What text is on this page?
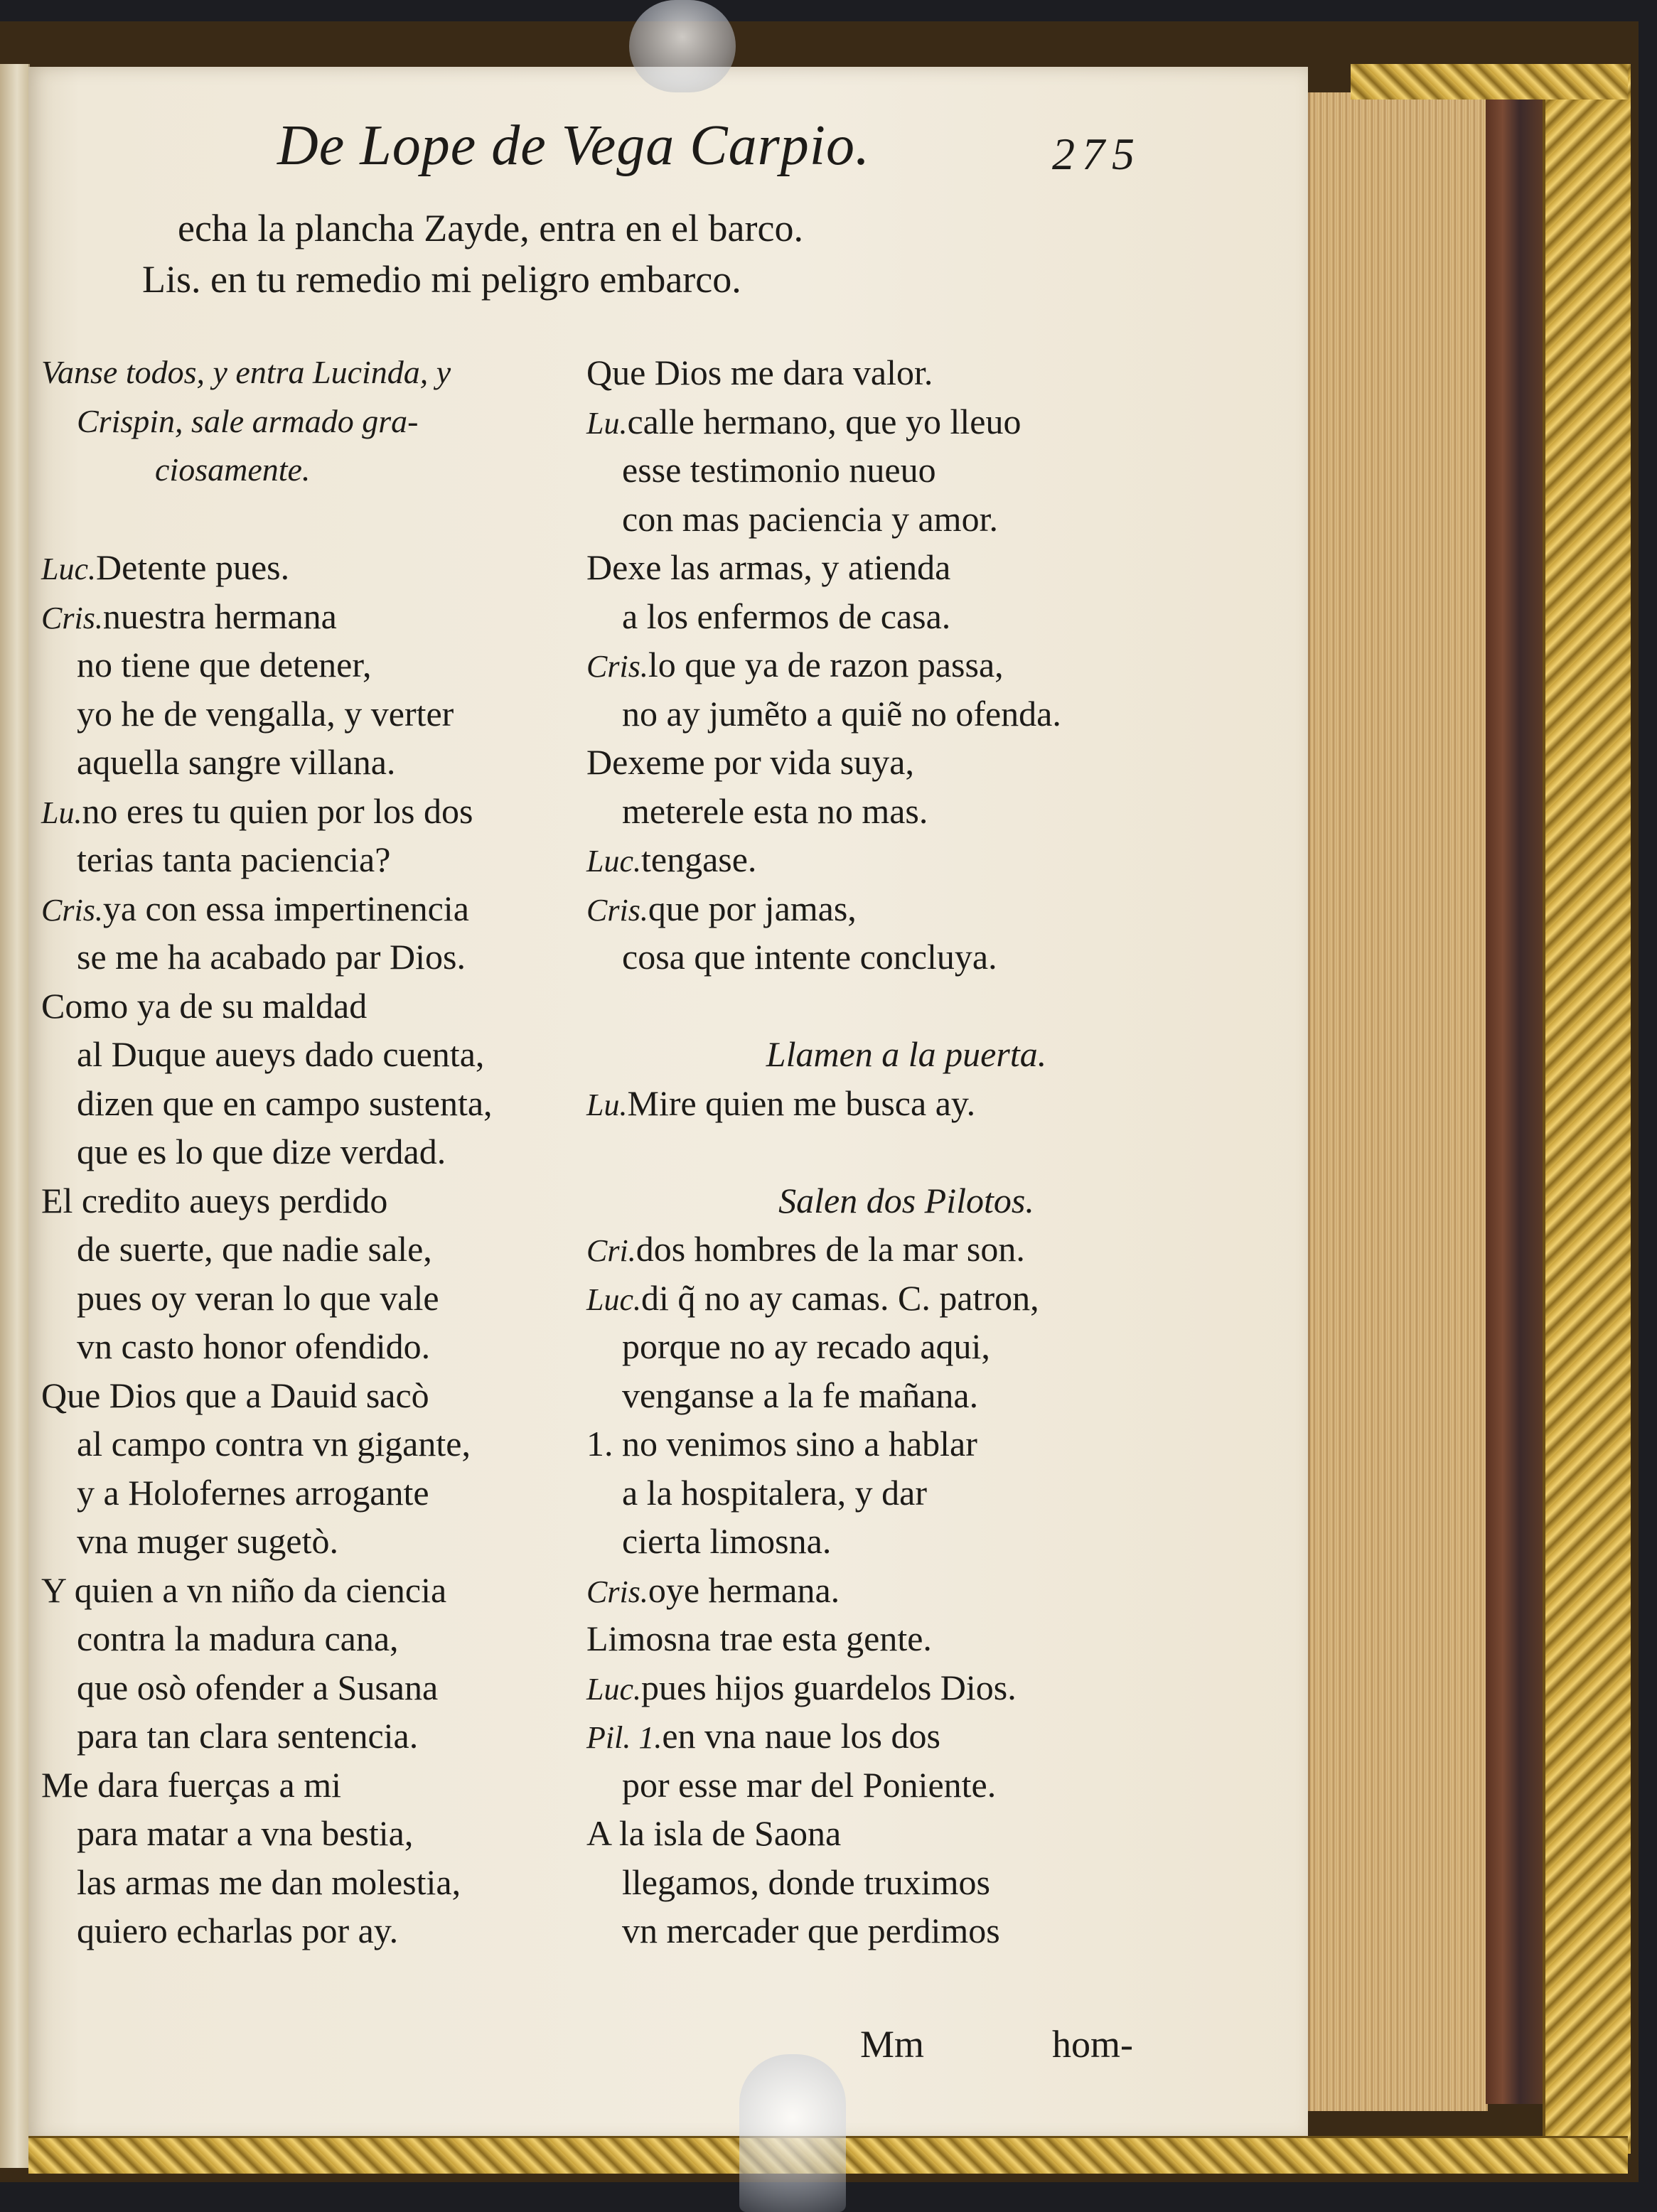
De Lope de Vega Carpio.	275
echa la plancha Zayde, entra en el barco.
Lis. en tu remedio mi peligro embarco.
Vanse todos, y entra Lucinda, y
Crispin, sale armado gra-
ciosamente.
Luc.Detente pues.
Cris.nuestra hermana
no tiene que detener,
yo he de vengalla, y verter
aquella sangre villana.
Lu.no eres tu quien por los dos
terias tanta paciencia?
Cris.ya con essa impertinencia
se me ha acabado par Dios.
Como ya de su maldad
al Duque aueys dado cuenta,
dizen que en campo sustenta,
que es lo que dize verdad.
El credito aueys perdido
de suerte, que nadie sale,
pues oy veran lo que vale
vn casto honor ofendido.
Que Dios que a Dauid sacò
al campo contra vn gigante,
y a Holofernes arrogante
vna muger sugetò.
Y quien a vn niño da ciencia
contra la madura cana,
que osò ofender a Susana
para tan clara sentencia.
Me dara fuerças a mi
para matar a vna bestia,
las armas me dan molestia,
quiero echarlas por ay.
Que Dios me dara valor.
Lu.calle hermano, que yo lleuo
esse testimonio nueuo
con mas paciencia y amor.
Dexe las armas, y atienda
a los enfermos de casa.
Cris.lo que ya de razon passa,
no ay jumẽto a quiẽ no ofenda.
Dexeme por vida suya,
meterele esta no mas.
Luc.tengase.
Cris.que por jamas,
cosa que intente concluya.
Llamen a la puerta.
Lu.Mire quien me busca ay.
Salen dos Pilotos.
Cri.dos hombres de la mar son.
Luc.di q̃ no ay camas. C. patron,
porque no ay recado aqui,
venganse a la fe mañana.
1. no venimos sino a hablar
a la hospitalera, y dar
cierta limosna.
Cris.oye hermana.
Limosna trae esta gente.
Luc.pues hijos guardelos Dios.
Pil. 1.en vna naue los dos
por esse mar del Poniente.
A la isla de Saona
llegamos, donde truximos
vn mercader que perdimos
Mm	hom-
